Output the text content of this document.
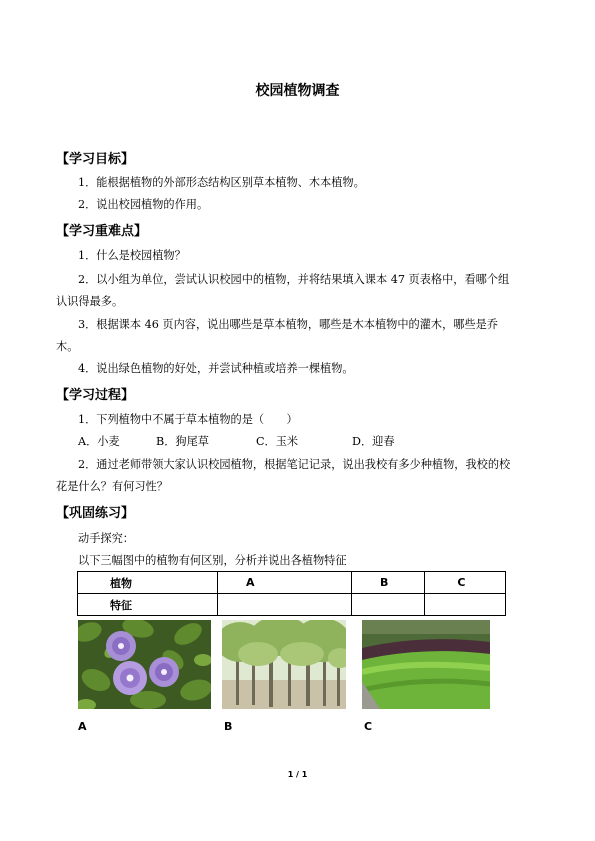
校园植物调查
【学习目标】
1．能根据植物的外部形态结构区别草本植物、木本植物。
2．说出校园植物的作用。
【学习重难点】
1．什么是校园植物？
2．以小组为单位，尝试认识校园中的植物，并将结果填入课本 47 页表格中，看哪个组
认识得最多。
3．根据课本 46 页内容，说出哪些是草本植物，哪些是木本植物中的灌木，哪些是乔
木。
4．说出绿色植物的好处，并尝试种植或培养一棵植物。
【学习过程】
1．下列植物中不属于草本植物的是（　　）
A．小麦	B．狗尾草	C．玉米	D．迎春
2．通过老师带领大家认识校园植物，根据笔记记录，说出我校有多少种植物，我校的校
花是什么？有何习性？
【巩固练习】
动手探究：
以下三幅图中的植物有何区别，分析并说出各植物特征
植物	A	B	C
特征			
A	B	C
1 / 1
